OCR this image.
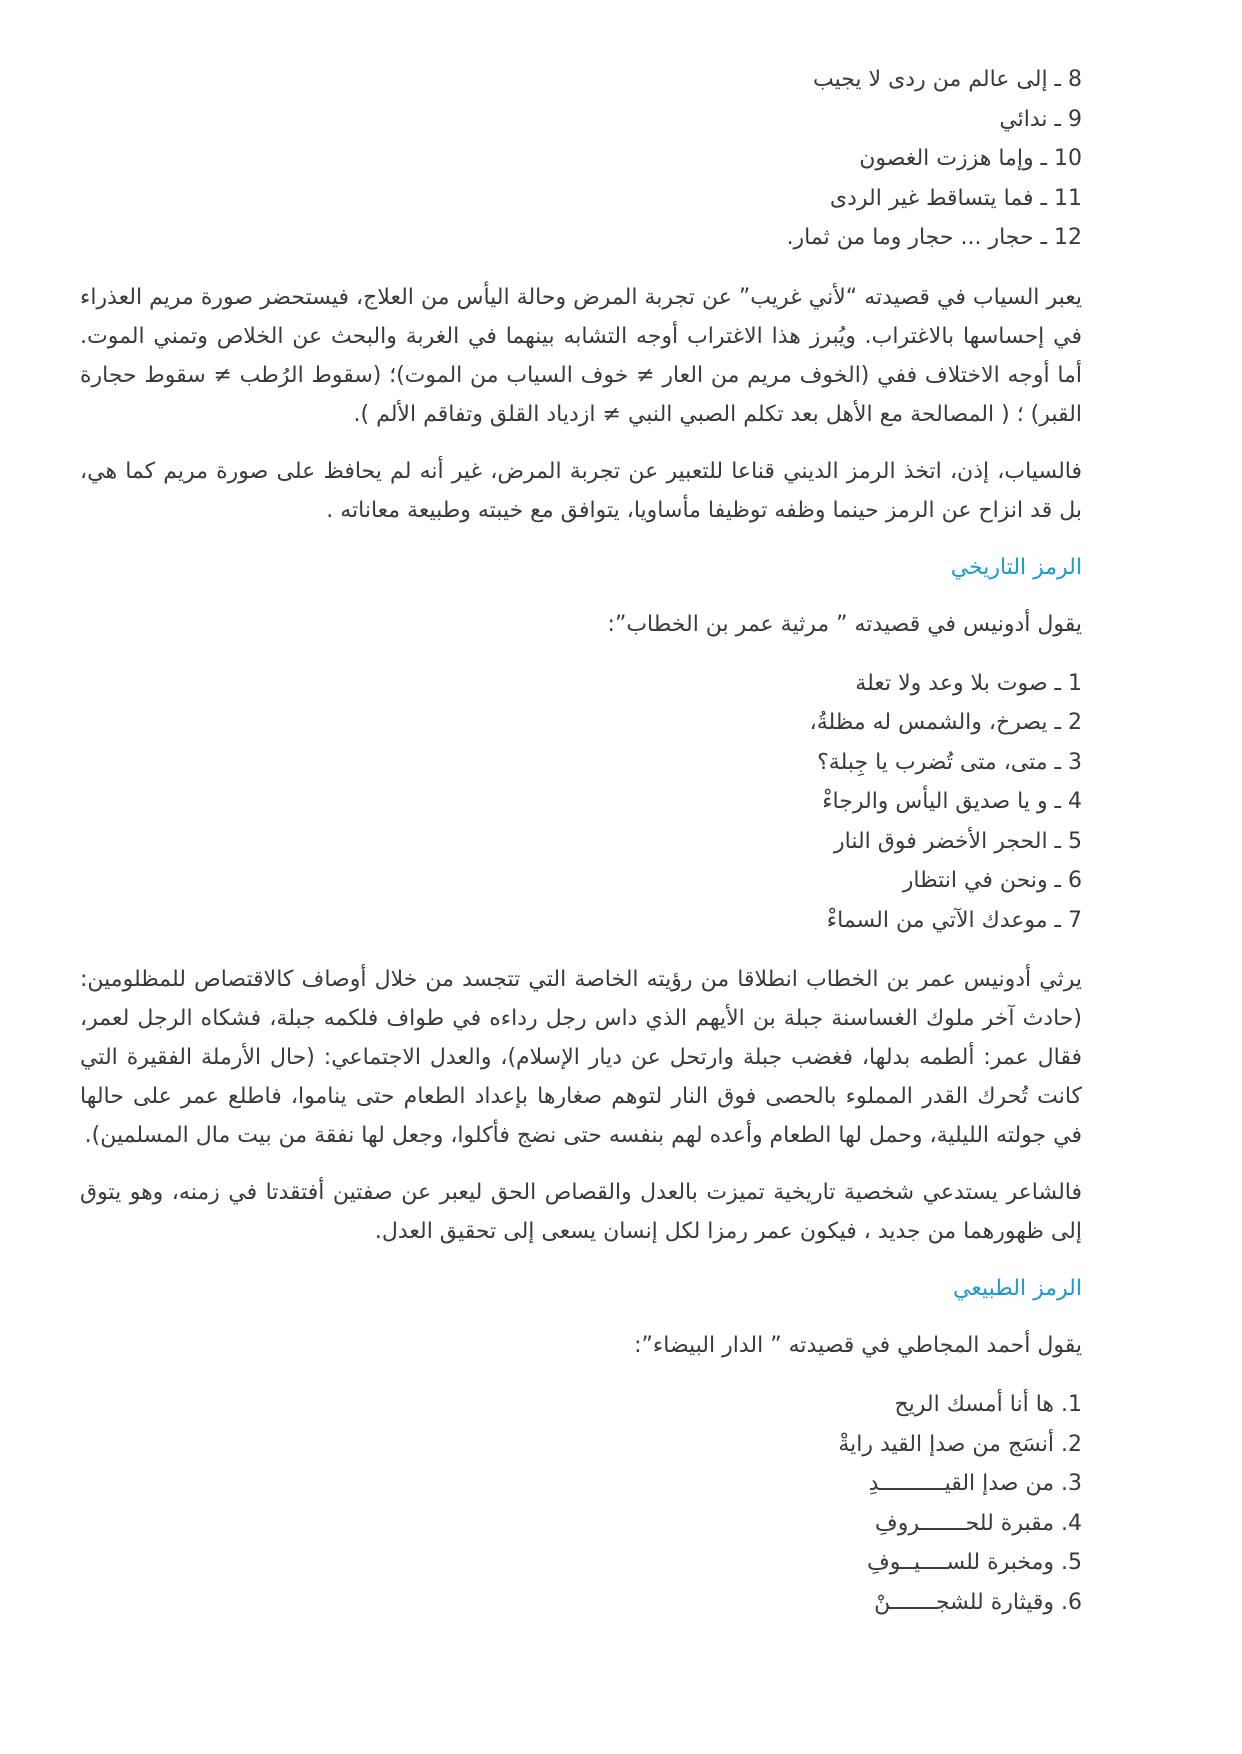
8 ـ إلى عالم من ردى لا يجيب
9 ـ ندائي
10 ـ وإما هززت الغصون
11 ـ فما يتساقط غير الردى
12 ـ حجار ... حجار وما من ثمار.

يعبر السياب في قصيدته “لأني غريب” عن تجربة المرض وحالة اليأس من العلاج، فيستحضر صورة مريم العذراء في إحساسها بالاغتراب. ويُبرز هذا الاغتراب أوجه التشابه بينهما في الغربة والبحث عن الخلاص وتمني الموت. أما أوجه الاختلاف ففي (الخوف مريم من العار ≠ خوف السياب من الموت)؛ (سقوط الرُطب ≠ سقوط حجارة القبر) ؛ ( المصالحة مع الأهل بعد تكلم الصبي النبي ≠ ازدياد القلق وتفاقم الألم ).

فالسياب، إذن، اتخذ الرمز الديني قناعا للتعبير عن تجربة المرض، غير أنه لم يحافظ على صورة مريم كما هي، بل قد انزاح عن الرمز حينما وظفه توظيفا مأساويا، يتوافق مع خيبته وطبيعة معاناته .

الرمز التاريخي

يقول أدونيس في قصيدته ” مرثية عمر بن الخطاب”:

1 ـ صوت بلا وعد ولا تعلة
2 ـ يصرخ، والشمس له مظلةُ،
3 ـ متى، متى تُضرب يا جِبلة؟
4 ـ و يا صديق اليأس والرجاءْ
5 ـ الحجر الأخضر فوق النار
6 ـ ونحن في انتظار
7 ـ موعدك الآتي من السماءْ

يرثي أدونيس عمر بن الخطاب انطلاقا من رؤيته الخاصة التي تتجسد من خلال أوصاف كالاقتصاص للمظلومين: (حادث آخر ملوك الغساسنة جبلة بن الأيهم الذي داس رجل رداءه في طواف فلكمه جبلة، فشكاه الرجل لعمر، فقال عمر: ألطمه بدلها، فغضب جبلة وارتحل عن ديار الإسلام)، والعدل الاجتماعي: (حال الأرملة الفقيرة التي كانت تُحرك القدر المملوء بالحصى فوق النار لتوهم صغارها بإعداد الطعام حتى يناموا، فاطلع عمر على حالها في جولته الليلية، وحمل لها الطعام وأعده لهم بنفسه حتى نضج فأكلوا، وجعل لها نفقة من بيت مال المسلمين).

فالشاعر يستدعي شخصية تاريخية تميزت بالعدل والقصاص الحق ليعبر عن صفتين أفتقدتا في زمنه، وهو يتوق إلى ظهورهما من جديد ، فيكون عمر رمزا لكل إنسان يسعى إلى تحقيق العدل.

الرمز الطبيعي

يقول أحمد المجاطي في قصيدته ” الدار البيضاء”:

1. ها أنا أمسك الريح
2. أنسَج من صدإ القيد رايةْ
3. من صدإ القيــــــــــدِ
4. مقبرة للحـــــــروفِ
5. ومخبرة للســــيــوفِ
6. وقيثارة للشجـــــــنْ
